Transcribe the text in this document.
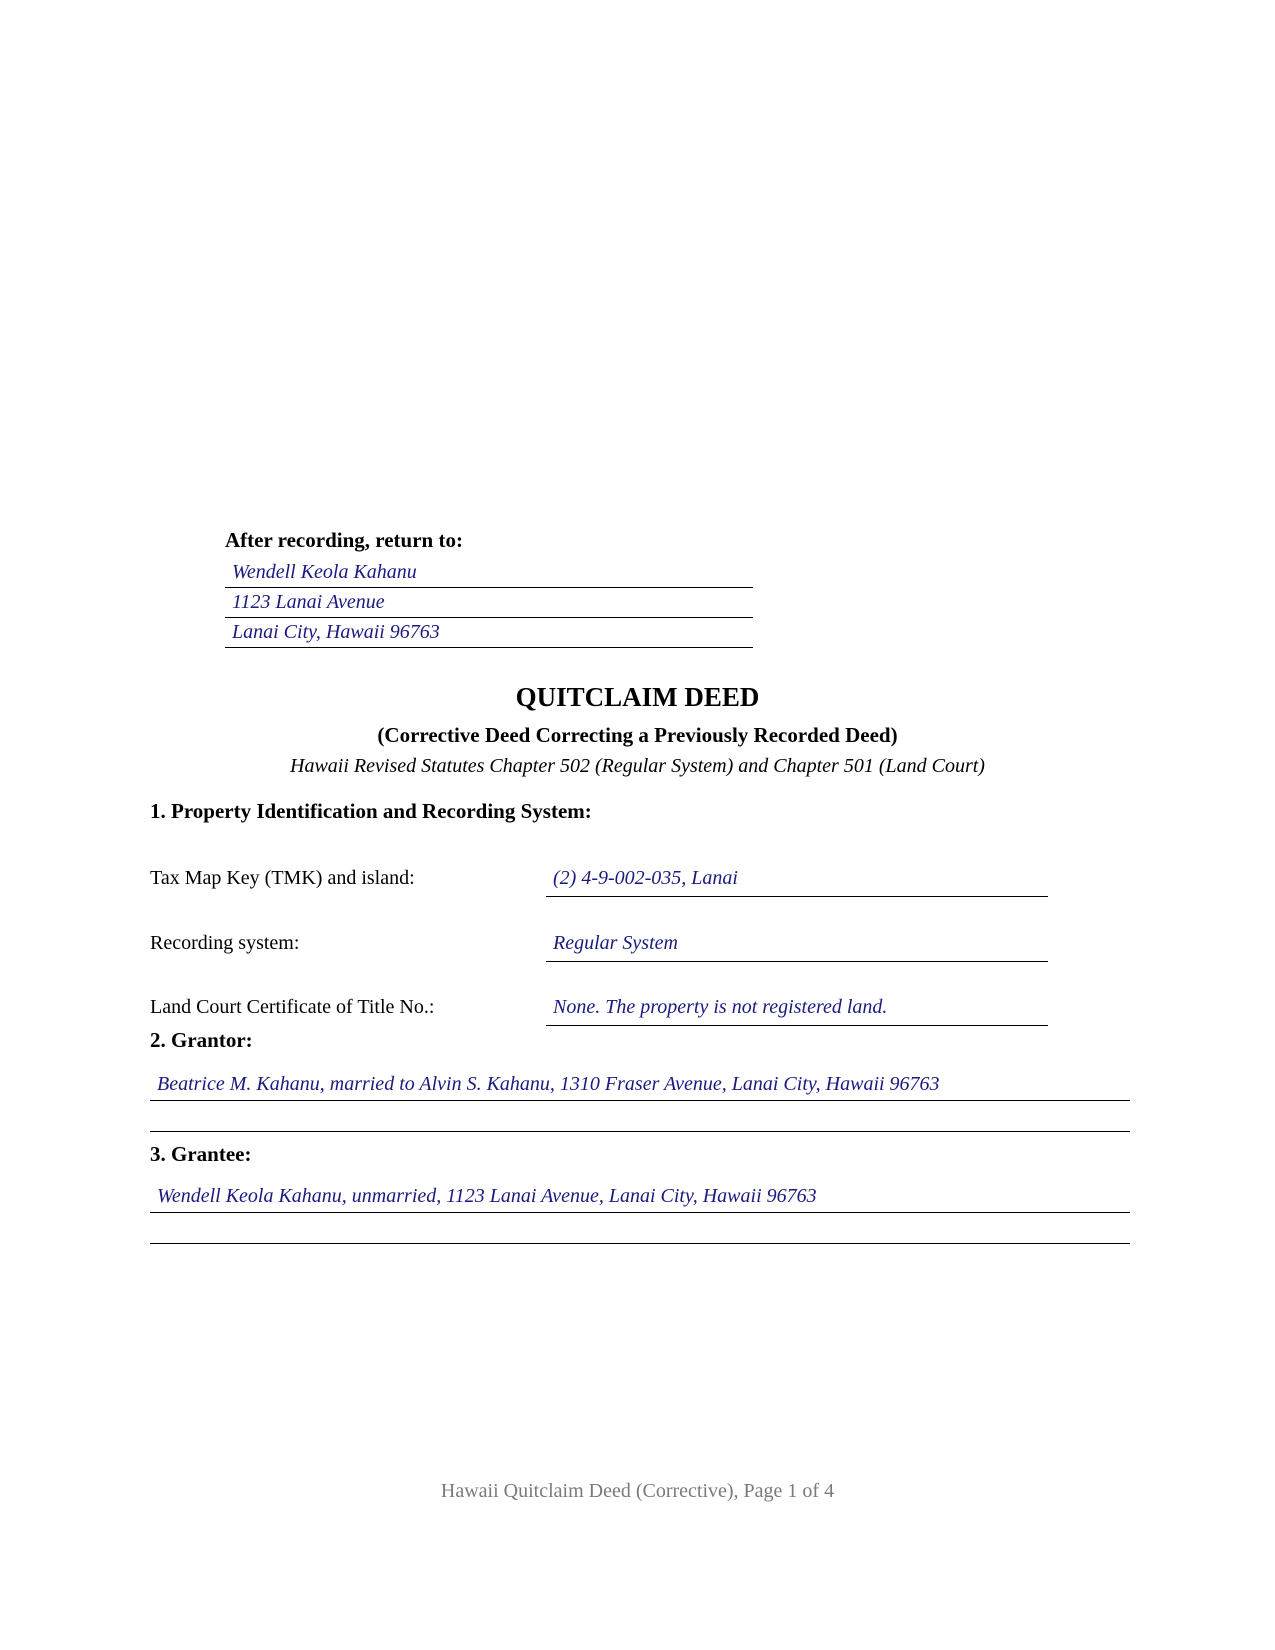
After recording, return to:
Wendell Keola Kahanu
1123 Lanai Avenue
Lanai City, Hawaii 96763
QUITCLAIM DEED
(Corrective Deed Correcting a Previously Recorded Deed)
Hawaii Revised Statutes Chapter 502 (Regular System) and Chapter 501 (Land Court)
1. Property Identification and Recording System:
Tax Map Key (TMK) and island:	(2) 4-9-002-035, Lanai
Recording system:	Regular System
Land Court Certificate of Title No.:	None. The property is not registered land.
2. Grantor:
Beatrice M. Kahanu, married to Alvin S. Kahanu, 1310 Fraser Avenue, Lanai City, Hawaii 96763
3. Grantee:
Wendell Keola Kahanu, unmarried, 1123 Lanai Avenue, Lanai City, Hawaii 96763
Hawaii Quitclaim Deed (Corrective), Page 1 of 4
